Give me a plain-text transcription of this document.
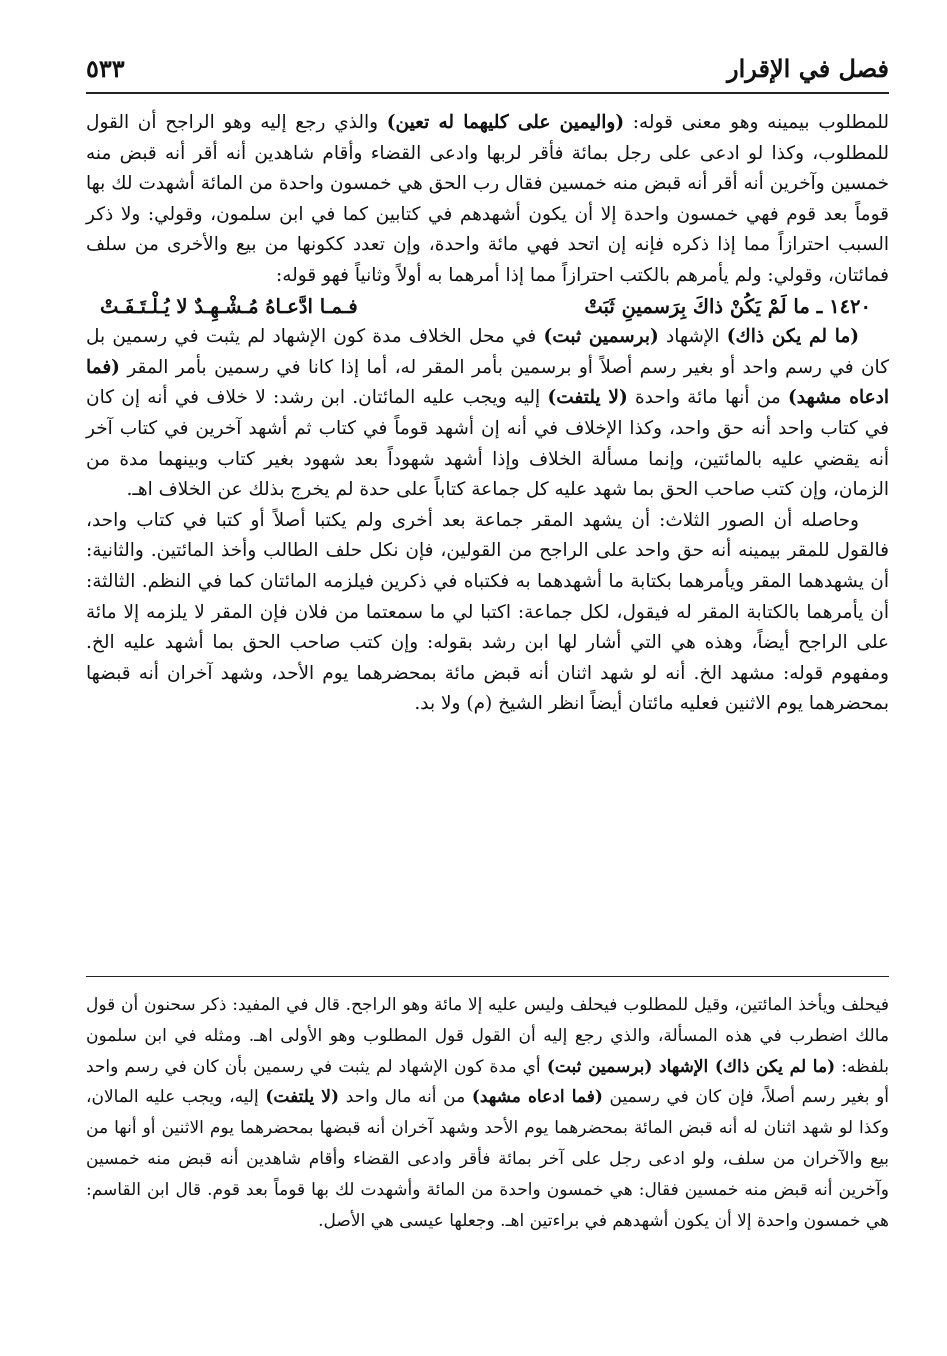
فصل في الإقرار
٥٣٣

للمطلوب بيمينه وهو معنى قوله: (واليمين على كليهما له تعين) والذي رجع إليه وهو الراجح أن القول للمطلوب، وكذا لو ادعى على رجل بمائة فأقر لربها وادعى القضاء وأقام شاهدين أنه أقر أنه قبض منه خمسين وآخرين أنه أقر أنه قبض منه خمسين فقال رب الحق هي خمسون واحدة من المائة أشهدت لك بها قوماً بعد قوم فهي خمسون واحدة إلا أن يكون أشهدهم في كتابين كما في ابن سلمون، وقولي: ولا ذكر السبب احترازاً مما إذا ذكره فإنه إن اتحد فهي مائة واحدة، وإن تعدد ككونها من بيع والأخرى من سلف فمائتان، وقولي: ولم يأمرهم بالكتب احترازاً مما إذا أمرهما به أولاً وثانياً فهو قوله:

١٤٢٠ ـ ما لَمْ يَكُنْ ذاكَ بِرَسمينِ ثَبَتْ
فـمـا ادَّعـاهُ مُـشْـهِـدٌ لا يُـلْـتَـفَـتْ

(ما لم يكن ذاك) الإشهاد (برسمين ثبت) في محل الخلاف مدة كون الإشهاد لم يثبت في رسمين بل كان في رسم واحد أو بغير رسم أصلاً أو برسمين بأمر المقر له، أما إذا كانا في رسمين بأمر المقر (فما ادعاه مشهد) من أنها مائة واحدة (لا يلتفت) إليه ويجب عليه المائتان. ابن رشد: لا خلاف في أنه إن كان في كتاب واحد أنه حق واحد، وكذا الإخلاف في أنه إن أشهد قوماً في كتاب ثم أشهد آخرين في كتاب آخر أنه يقضي عليه بالمائتين، وإنما مسألة الخلاف وإذا أشهد شهوداً بعد شهود بغير كتاب وبينهما مدة من الزمان، وإن كتب صاحب الحق بما شهد عليه كل جماعة كتاباً على حدة لم يخرج بذلك عن الخلاف اهـ.

وحاصله أن الصور الثلاث: أن يشهد المقر جماعة بعد أخرى ولم يكتبا أصلاً أو كتبا في كتاب واحد، فالقول للمقر بيمينه أنه حق واحد على الراجح من القولين، فإن نكل حلف الطالب وأخذ المائتين. والثانية: أن يشهدهما المقر ويأمرهما بكتابة ما أشهدهما به فكتباه في ذكرين فيلزمه المائتان كما في النظم. الثالثة: أن يأمرهما بالكتابة المقر له فيقول، لكل جماعة: اكتبا لي ما سمعتما من فلان فإن المقر لا يلزمه إلا مائة على الراجح أيضاً، وهذه هي التي أشار لها ابن رشد بقوله: وإن كتب صاحب الحق بما أشهد عليه الخ. ومفهوم قوله: مشهد الخ. أنه لو شهد اثنان أنه قبض مائة بمحضرهما يوم الأحد، وشهد آخران أنه قبضها بمحضرهما يوم الاثنين فعليه مائتان أيضاً انظر الشيخ (م) ولا بد.

فيحلف ويأخذ المائتين، وقيل للمطلوب فيحلف وليس عليه إلا مائة وهو الراجح. قال في المفيد: ذكر سحنون أن قول مالك اضطرب في هذه المسألة، والذي رجع إليه أن القول قول المطلوب وهو الأولى اهـ. ومثله في ابن سلمون بلفظه: (ما لم يكن ذاك) الإشهاد (برسمين ثبت) أي مدة كون الإشهاد لم يثبت في رسمين بأن كان في رسم واحد أو بغير رسم أصلاً، فإن كان في رسمين (فما ادعاه مشهد) من أنه مال واحد (لا يلتفت) إليه، ويجب عليه المالان، وكذا لو شهد اثنان له أنه قبض المائة بمحضرهما يوم الأحد وشهد آخران أنه قبضها بمحضرهما يوم الاثنين أو أنها من بيع والآخران من سلف، ولو ادعى رجل على آخر بمائة فأقر وادعى القضاء وأقام شاهدين أنه قبض منه خمسين وآخرين أنه قبض منه خمسين فقال: هي خمسون واحدة من المائة وأشهدت لك بها قوماً بعد قوم. قال ابن القاسم: هي خمسون واحدة إلا أن يكون أشهدهم في براءتين اهـ. وجعلها عيسى هي الأصل.
